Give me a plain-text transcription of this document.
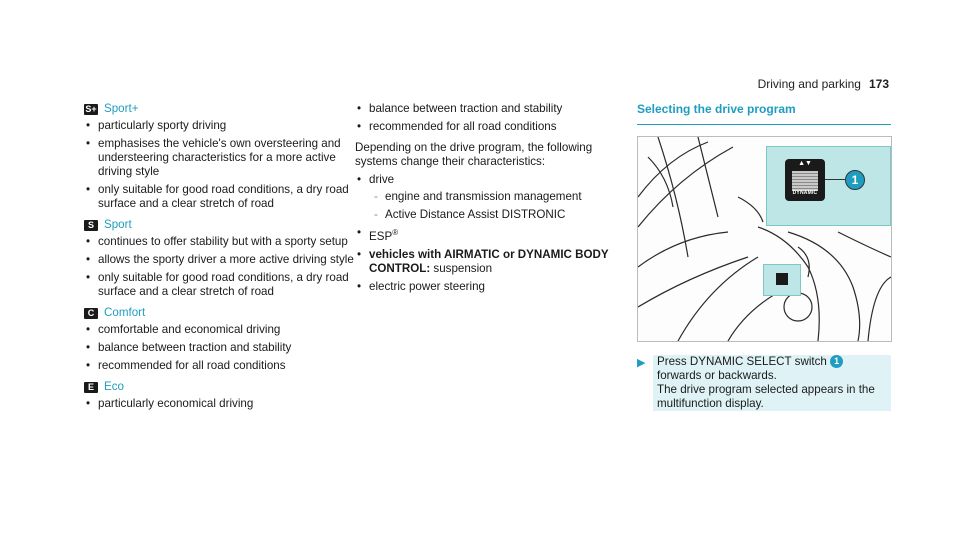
Driving and parking 173
S+ Sport+
• particularly sporty driving
• emphasises the vehicle's own oversteering and understeering characteristics for a more active driving style
• only suitable for good road conditions, a dry road surface and a clear stretch of road
S Sport
• continues to offer stability but with a sporty setup
• allows the sporty driver a more active driving style
• only suitable for good road conditions, a dry road surface and a clear stretch of road
C Comfort
• comfortable and economical driving
• balance between traction and stability
• recommended for all road conditions
E Eco
• particularly economical driving
• balance between traction and stability
• recommended for all road conditions
Depending on the drive program, the following systems change their characteristics:
• drive
- engine and transmission management
- Active Distance Assist DISTRONIC
• ESP®
• vehicles with AIRMATIC or DYNAMIC BODY CONTROL: suspension
• electric power steering
Selecting the drive program
▲▼
DYNAMIC
1
▶ Press DYNAMIC SELECT switch 1 forwards or backwards.
The drive program selected appears in the multifunction display.
